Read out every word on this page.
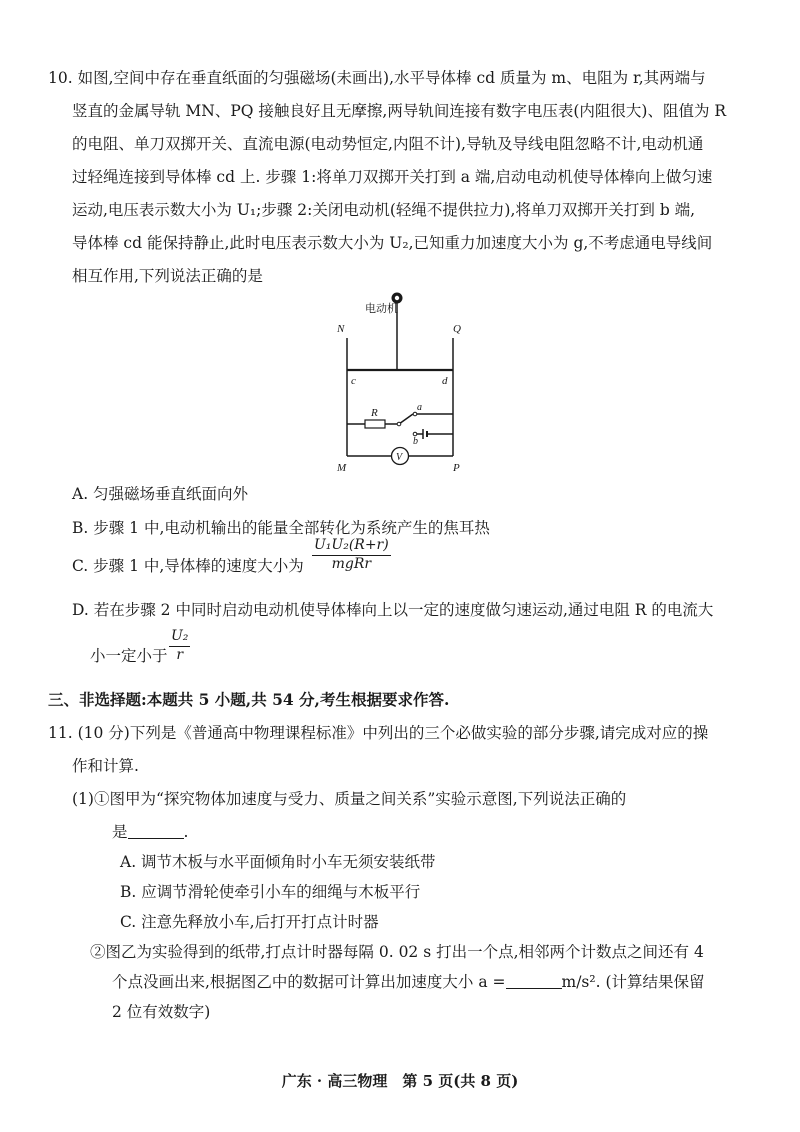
10. 如图,空间中存在垂直纸面的匀强磁场(未画出),水平导体棒 cd 质量为 m、电阻为 r,其两端与
竖直的金属导轨 MN、PQ 接触良好且无摩擦,两导轨间连接有数字电压表(内阻很大)、阻值为 R
的电阻、单刀双掷开关、直流电源(电动势恒定,内阻不计),导轨及导线电阻忽略不计,电动机通
过轻绳连接到导体棒 cd 上. 步骤 1:将单刀双掷开关打到 a 端,启动电动机使导体棒向上做匀速
运动,电压表示数大小为 U₁;步骤 2:关闭电动机(轻绳不提供拉力),将单刀双掷开关打到 b 端,
导体棒 cd 能保持静止,此时电压表示数大小为 U₂,已知重力加速度大小为 g,不考虑通电导线间
相互作用,下列说法正确的是
电动机
N	Q
c	d
R	a
b
V
M	P
A. 匀强磁场垂直纸面向外
B. 步骤 1 中,电动机输出的能量全部转化为系统产生的焦耳热
C. 步骤 1 中,导体棒的速度大小为
U₁U₂(R+r)
mgRr
D. 若在步骤 2 中同时启动电动机使导体棒向上以一定的速度做匀速运动,通过电阻 R 的电流大
小一定小于
U₂
r
三、非选择题:本题共 5 小题,共 54 分,考生根据要求作答.
11. (10 分)下列是《普通高中物理课程标准》中列出的三个必做实验的部分步骤,请完成对应的操
作和计算.
(1)①图甲为“探究物体加速度与受力、质量之间关系”实验示意图,下列说法正确的
是	.
A. 调节木板与水平面倾角时小车无须安装纸带
B. 应调节滑轮使牵引小车的细绳与木板平行
C. 注意先释放小车,后打开打点计时器
②图乙为实验得到的纸带,打点计时器每隔 0. 02 s 打出一个点,相邻两个计数点之间还有 4
个点没画出来,根据图乙中的数据可计算出加速度大小 a =	m/s². (计算结果保留
2 位有效数字)
广东 · 高三物理　第 5 页(共 8 页)
